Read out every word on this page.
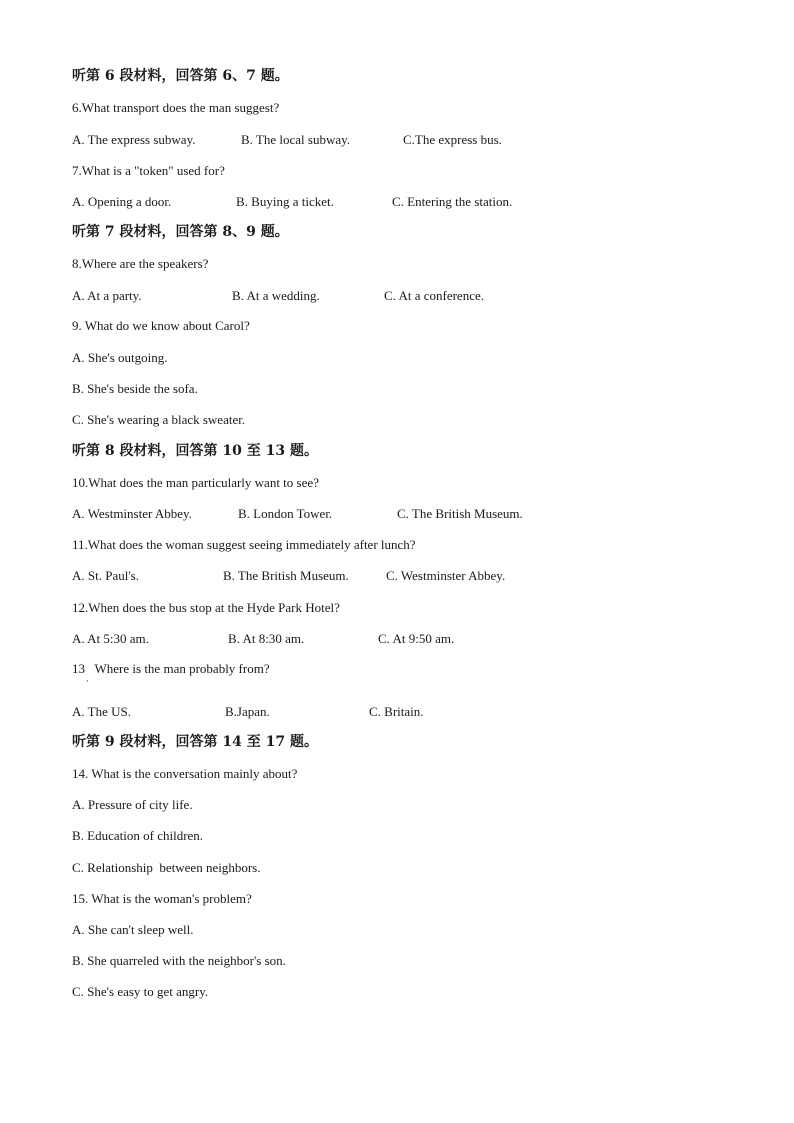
听第 6 段材料，回答第 6、7 题。
6.What transport does the man suggest?
A. The express subway.	B. The local subway.	C.The express bus.
7.What is a "token" used for?
A. Opening a door.	B. Buying a ticket.	C. Entering the station.
听第 7 段材料，回答第 8、9 题。
8.Where are the speakers?
A. At a party.	B. At a wedding.	C. At a conference.
9. What do we know about Carol?
A. She's outgoing.
B. She's beside the sofa.
C. She's wearing a black sweater.
听第 8 段材料，回答第 10 至 13 题。
10.What does the man particularly want to see?
A. Westminster Abbey.	B. London Tower.	C. The British Museum.
11.What does the woman suggest seeing immediately after lunch?
A. St. Paul's.	B. The British Museum.	C. Westminster Abbey.
12.When does the bus stop at the Hyde Park Hotel?
A. At 5:30 am.	B. At 8:30 am.	C. At 9:50 am.
13   Where is the man probably from?
·
A. The US.	B.Japan.	C. Britain.
听第 9 段材料，回答第 14 至 17 题。
14. What is the conversation mainly about?
A. Pressure of city life.
B. Education of children.
C. Relationship  between neighbors.
15. What is the woman's problem?
A. She can't sleep well.
B. She quarreled with the neighbor's son.
C. She's easy to get angry.
